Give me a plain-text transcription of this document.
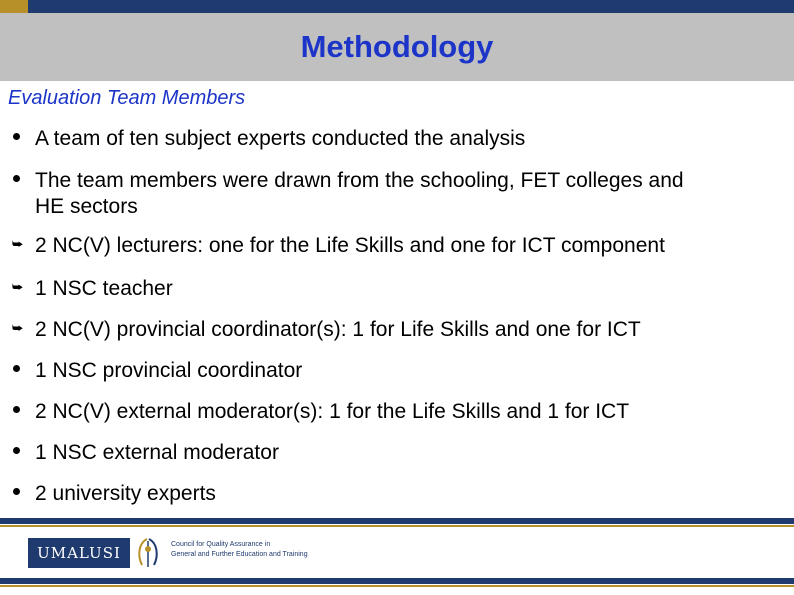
Methodology
Evaluation Team Members
A team of ten subject experts conducted the analysis
The team members were drawn from the schooling, FET colleges and
HE sectors
⮩ 2 NC(V) lecturers: one for the Life Skills and one for ICT component
⮩ 1 NSC teacher
⮩ 2 NC(V) provincial coordinator(s): 1 for Life Skills and one for ICT
1 NSC provincial coordinator
2 NC(V) external moderator(s): 1 for the Life Skills and 1 for ICT
1 NSC external moderator
2 university experts
UMALUSI	Council for Quality Assurance in
General and Further Education and Training
